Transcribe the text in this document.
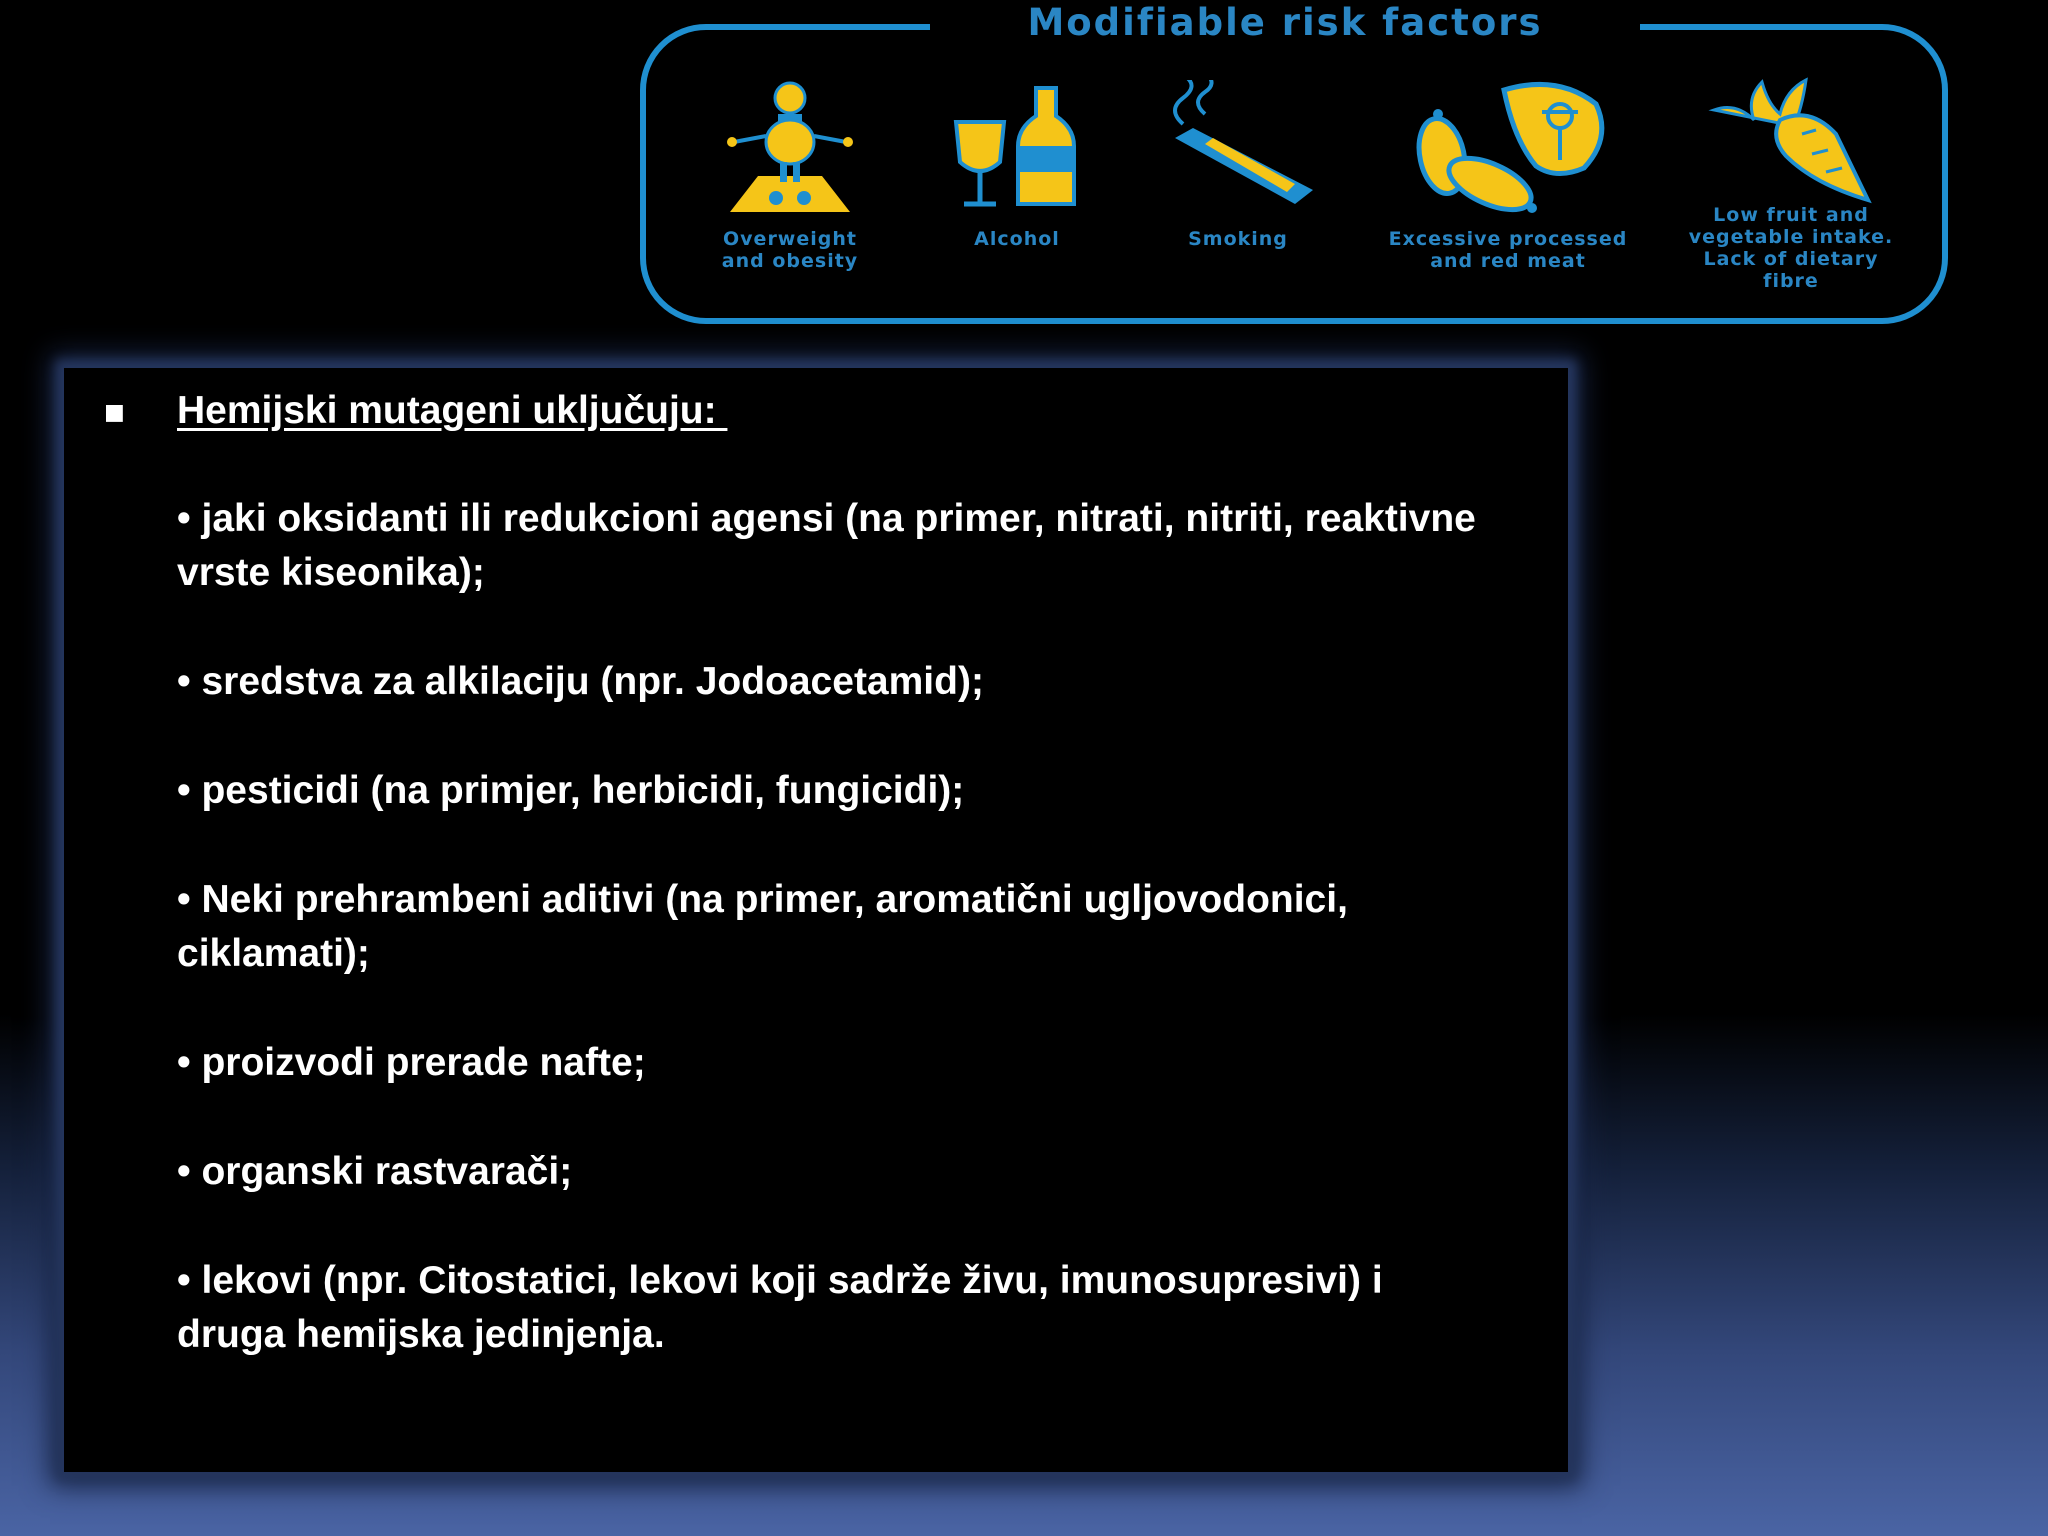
Modifiable risk factors
Overweight and obesity
Alcohol	Smoking	Excessive processed and red meat
Low fruit and vegetable intake. Lack of dietary fibre
■ Hemijski mutageni uključuju:
• jaki oksidanti ili redukcioni agensi (na primer, nitrati, nitriti, reaktivne vrste kiseonika);
• sredstva za alkilaciju (npr. Jodoacetamid);
• pesticidi (na primjer, herbicidi, fungicidi);
• Neki prehrambeni aditivi (na primer, aromatični ugljovodonici, ciklamati);
• proizvodi prerade nafte;
• organski rastvarači;
• lekovi (npr. Citostatici, lekovi koji sadrže živu, imunosupresivi) i druga hemijska jedinjenja.
